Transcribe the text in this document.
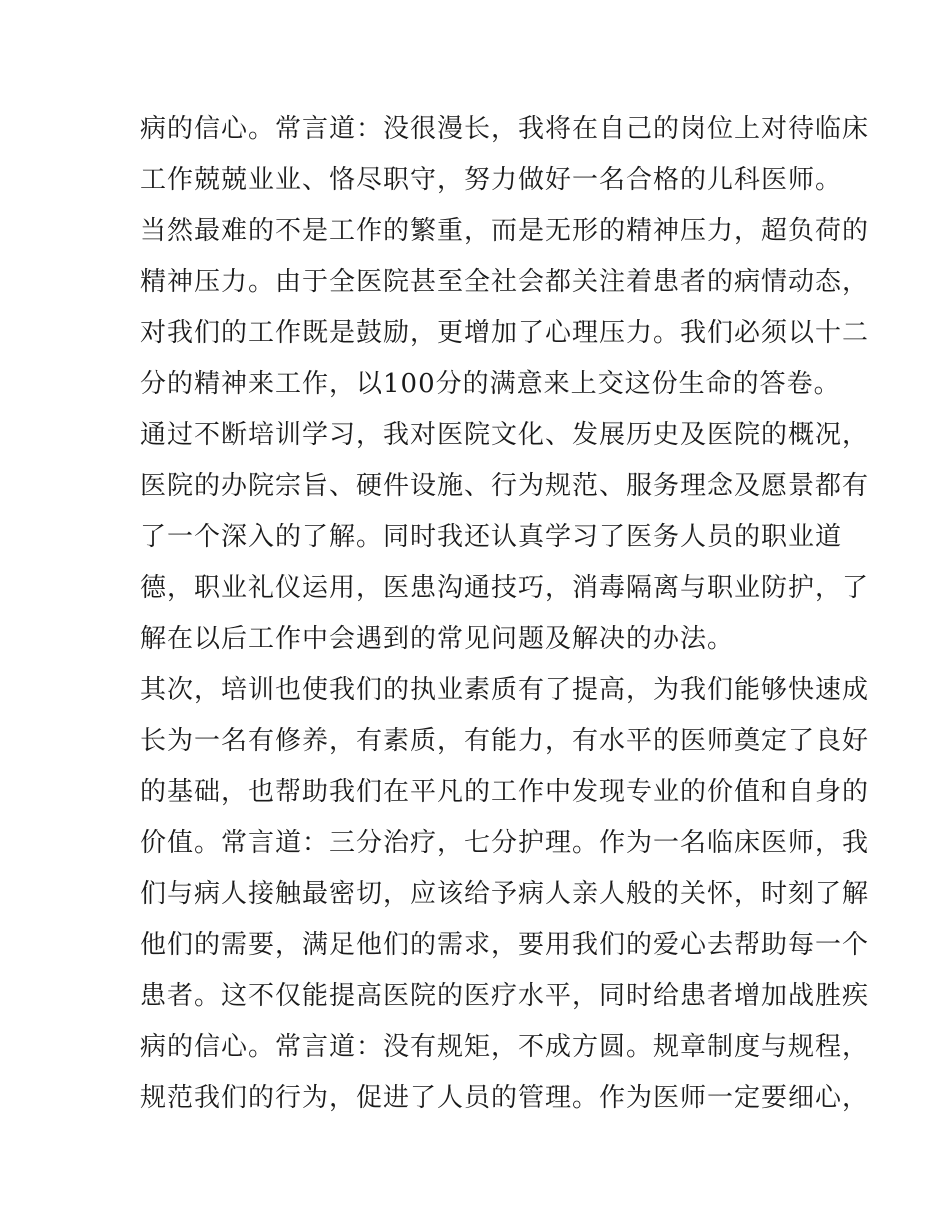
病的信心。常言道：没很漫长，我将在自己的岗位上对待临床
工作兢兢业业、恪尽职守，努力做好一名合格的儿科医师。
当然最难的不是工作的繁重，而是无形的精神压力，超负荷的
精神压力。由于全医院甚至全社会都关注着患者的病情动态，
对我们的工作既是鼓励，更增加了心理压力。我们必须以十二
分的精神来工作，以100分的满意来上交这份生命的答卷。
通过不断培训学习，我对医院文化、发展历史及医院的概况，
医院的办院宗旨、硬件设施、行为规范、服务理念及愿景都有
了一个深入的了解。同时我还认真学习了医务人员的职业道
德，职业礼仪运用，医患沟通技巧，消毒隔离与职业防护，了
解在以后工作中会遇到的常见问题及解决的办法。
其次，培训也使我们的执业素质有了提高，为我们能够快速成
长为一名有修养，有素质，有能力，有水平的医师奠定了良好
的基础，也帮助我们在平凡的工作中发现专业的价值和自身的
价值。常言道：三分治疗，七分护理。作为一名临床医师，我
们与病人接触最密切，应该给予病人亲人般的关怀，时刻了解
他们的需要，满足他们的需求，要用我们的爱心去帮助每一个
患者。这不仅能提高医院的医疗水平，同时给患者增加战胜疾
病的信心。常言道：没有规矩，不成方圆。规章制度与规程，
规范我们的行为，促进了人员的管理。作为医师一定要细心，
